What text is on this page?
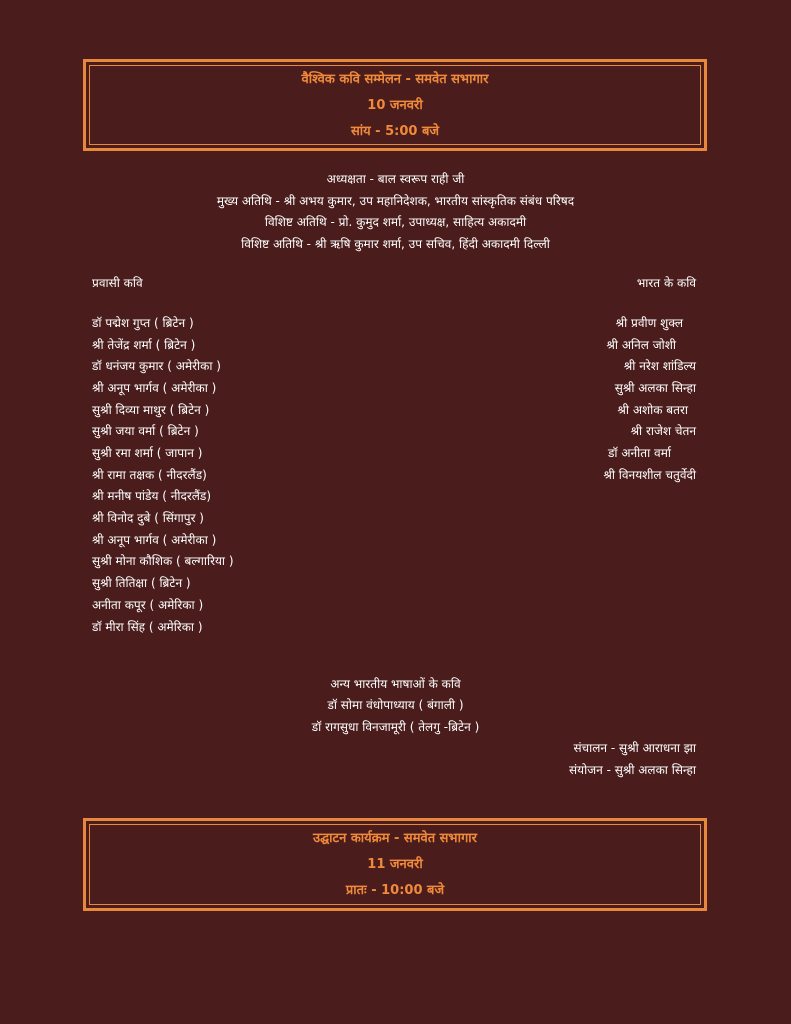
वैश्विक कवि सम्मेलन - समवेत सभागार
10 जनवरी
सांय - 5:00 बजे
अध्यक्षता - बाल स्वरूप राही जी
मुख्य अतिथि - श्री अभय कुमार, उप महानिदेशक, भारतीय सांस्कृतिक संबंध परिषद
विशिष्ट अतिथि - प्रो. कुमुद शर्मा, उपाध्यक्ष, साहित्य अकादमी
विशिष्ट अतिथि - श्री ऋषि कुमार शर्मा, उप सचिव, हिंदी अकादमी दिल्ली
प्रवासी कवि	भारत के कवि
डॉ पद्मेश गुप्त ( ब्रिटेन )
श्री तेजेंद्र शर्मा ( ब्रिटेन )
डॉ धनंजय कुमार ( अमेरीका )
श्री अनूप भार्गव ( अमेरीका )
सुश्री दिव्या माथुर ( ब्रिटेन )
सुश्री जया वर्मा ( ब्रिटेन )
सुश्री रमा शर्मा ( जापान )
श्री रामा तक्षक ( नीदरलैंड)
श्री मनीष पांडेय ( नीदरलैंड)
श्री विनोद दुबे ( सिंगापुर )
श्री अनूप भार्गव ( अमेरीका )
सुश्री मोना कौशिक ( बल्गारिया )
सुश्री तितिक्षा ( ब्रिटेन )
अनीता कपूर ( अमेरिका )
डॉ मीरा सिंह ( अमेरिका )
श्री प्रवीण शुक्ल
श्री अनिल जोशी
श्री नरेश शांडिल्य
सुश्री अलका सिन्हा
श्री अशोक बतरा
श्री राजेश चेतन
डॉ अनीता वर्मा
श्री विनयशील चतुर्वेदी
अन्य भारतीय भाषाओं के कवि
डॉ सोमा वंधोपाध्याय ( बंगाली )
डॉ रागसुधा विनजामूरी ( तेलगु -ब्रिटेन )
संचालन - सुश्री आराधना झा
संयोजन - सुश्री अलका सिन्हा
उद्घाटन कार्यक्रम - समवेत सभागार
11 जनवरी
प्रातः - 10:00 बजे
